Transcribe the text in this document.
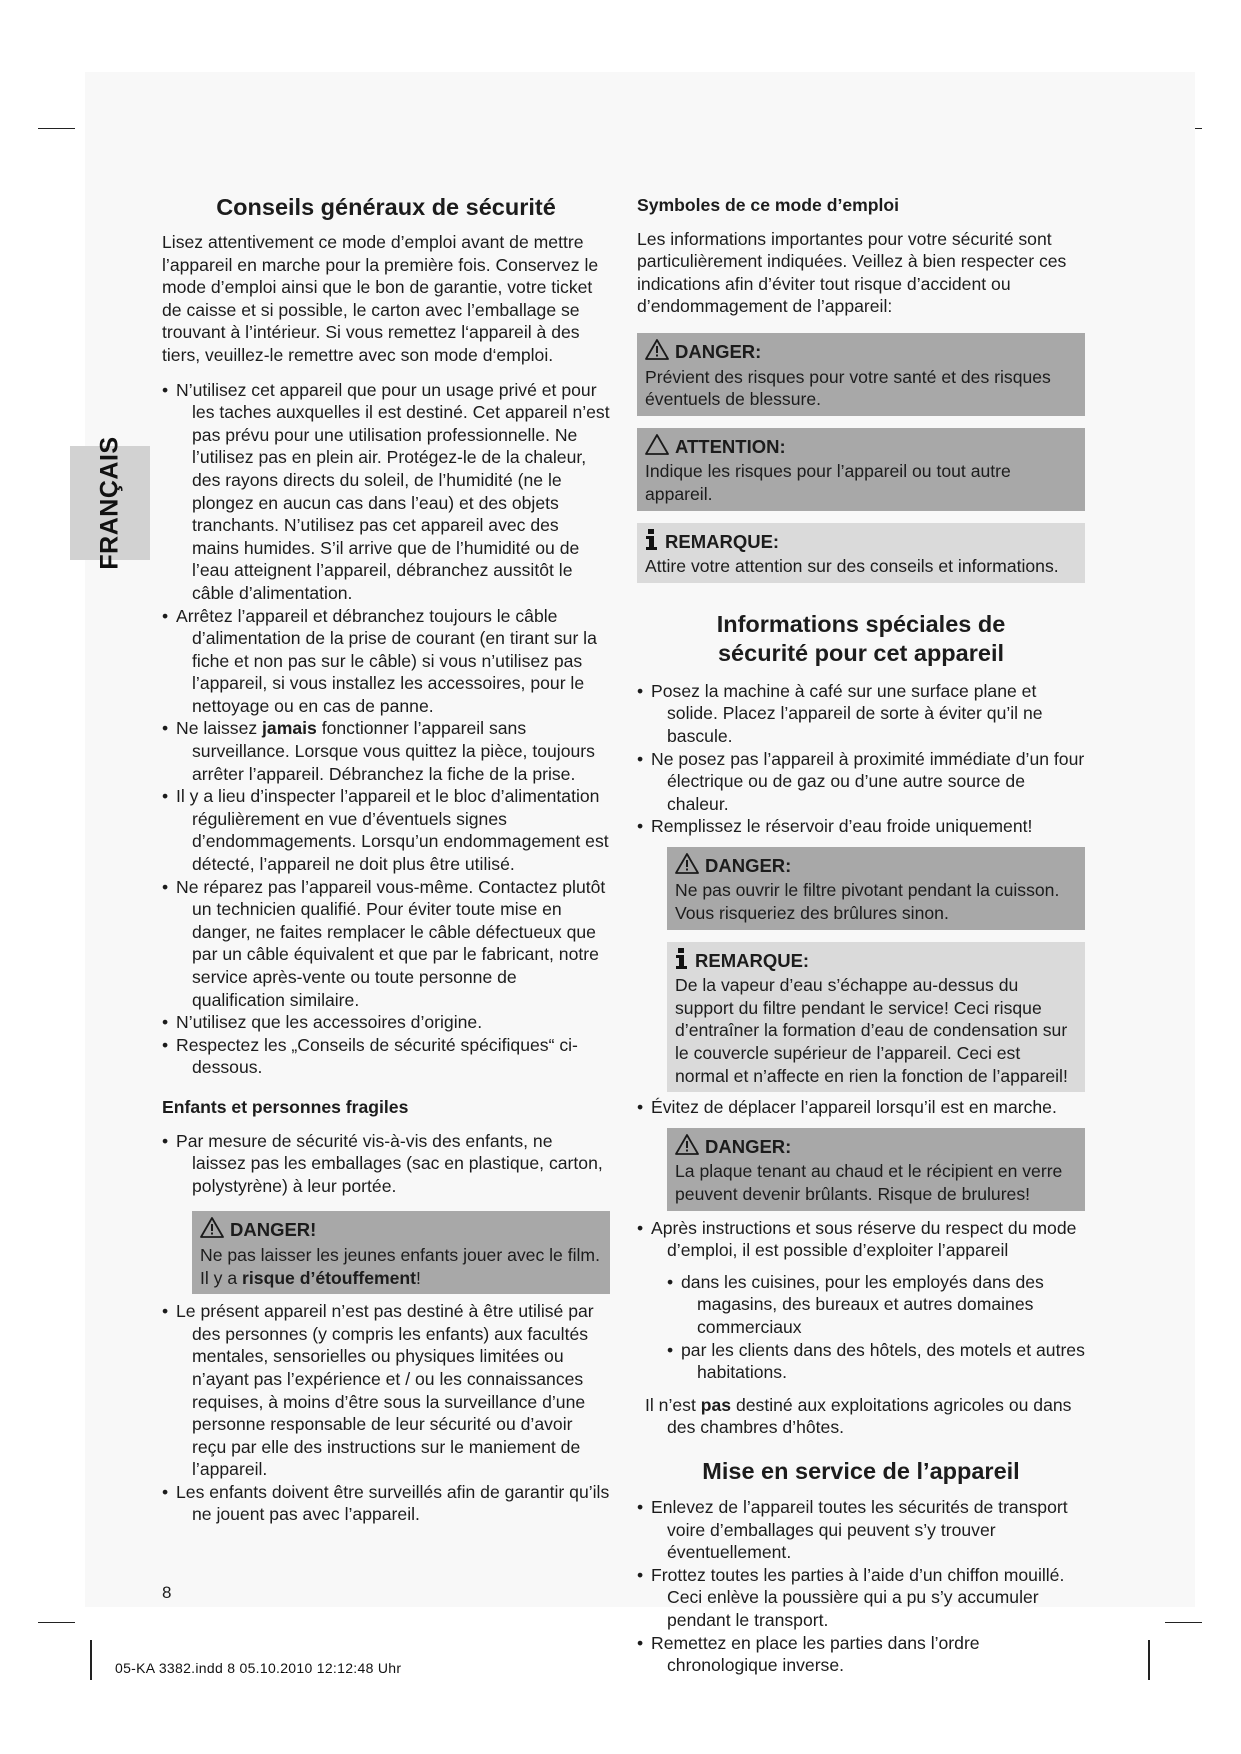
FRANÇAIS

Conseils généraux de sécurité

Lisez attentivement ce mode d’emploi avant de mettre l’appareil en marche pour la première fois. Conservez le mode d’emploi ainsi que le bon de garantie, votre ticket de caisse et si possible, le carton avec l’emballage se trouvant à l’intérieur. Si vous remettez l‘appareil à des tiers, veuillez-le remettre avec son mode d‘emploi.

• N’utilisez cet appareil que pour un usage privé et pour les taches auxquelles il est destiné. Cet appareil n’est pas prévu pour une utilisation professionnelle. Ne l’utilisez pas en plein air. Protégez-le de la chaleur, des rayons directs du soleil, de l’humidité (ne le plongez en aucun cas dans l’eau) et des objets tranchants. N’utilisez pas cet appareil avec des mains humides. S’il arrive que de l’humidité ou de l’eau atteignent l’appareil, débranchez aussitôt le câble d’alimentation.
• Arrêtez l’appareil et débranchez toujours le câble d’alimentation de la prise de courant (en tirant sur la fiche et non pas sur le câble) si vous n’utilisez pas l’appareil, si vous installez les accessoires, pour le nettoyage ou en cas de panne.
• Ne laissez jamais fonctionner l’appareil sans surveillance. Lorsque vous quittez la pièce, toujours arrêter l’appareil. Débranchez la fiche de la prise.
• Il y a lieu d’inspecter l’appareil et le bloc d’alimentation régulièrement en vue d’éventuels signes d’endommagements. Lorsqu’un endommagement est détecté, l’appareil ne doit plus être utilisé.
• Ne réparez pas l’appareil vous-même. Contactez plutôt un technicien qualifié. Pour éviter toute mise en danger, ne faites remplacer le câble défectueux que par un câble équivalent et que par le fabricant, notre service après-vente ou toute personne de qualification similaire.
• N’utilisez que les accessoires d’origine.
• Respectez les „Conseils de sécurité spécifiques“ ci-dessous.

Enfants et personnes fragiles

• Par mesure de sécurité vis-à-vis des enfants, ne laissez pas les emballages (sac en plastique, carton, polystyrène) à leur portée.
DANGER!

Ne pas laisser les jeunes enfants jouer avec le film. Il y a risque d’étouffement!

• Le présent appareil n’est pas destiné à être utilisé par des personnes (y compris les enfants) aux facultés mentales, sensorielles ou physiques limitées ou n’ayant pas l’expérience et / ou les connaissances requises, à moins d’être sous la surveillance d’une personne responsable de leur sécurité ou d’avoir reçu par elle des instructions sur le maniement de l’appareil.
• Les enfants doivent être surveillés afin de garantir qu’ils ne jouent pas avec l’appareil.

Symboles de ce mode d’emploi

Les informations importantes pour votre sécurité sont particulièrement indiquées. Veillez à bien respecter ces indications afin d’éviter tout risque d’accident ou d’endommagement de l’appareil:

DANGER:

Prévient des risques pour votre santé et des risques éventuels de blessure.

ATTENTION:

Indique les risques pour l’appareil ou tout autre appareil.

REMARQUE:

Attire votre attention sur des conseils et informations.

Informations spéciales de sécurité pour cet appareil

• Posez la machine à café sur une surface plane et solide. Placez l’appareil de sorte à éviter qu’il ne bascule.
• Ne posez pas l’appareil à proximité immédiate d’un four électrique ou de gaz ou d’une autre source de chaleur.
• Remplissez le réservoir d’eau froide uniquement!
DANGER:

Ne pas ouvrir le filtre pivotant pendant la cuisson. Vous risqueriez des brûlures sinon.

REMARQUE:

De la vapeur d’eau s’échappe au-dessus du support du filtre pendant le service! Ceci risque d’entraîner la formation d’eau de condensation sur le couvercle supérieur de l’appareil. Ceci est normal et n’affecte en rien la fonction de l’appareil!

• Évitez de déplacer l’appareil lorsqu’il est en marche.
DANGER:

La plaque tenant au chaud et le récipient en verre peuvent devenir brûlants. Risque de brulures!

• Après instructions et sous réserve du respect du mode d’emploi, il est possible d’exploiter l’appareil
• dans les cuisines, pour les employés dans des magasins, des bureaux et autres domaines commerciaux
• par les clients dans des hôtels, des motels et autres habitations.

Il n’est pas destiné aux exploitations agricoles ou dans des chambres d’hôtes.

Mise en service de l’appareil

• Enlevez de l’appareil toutes les sécurités de transport voire d’emballages qui peuvent s’y trouver éventuellement.
• Frottez toutes les parties à l’aide d’un chiffon mouillé. Ceci enlève la poussière qui a pu s’y accumuler pendant le transport.
• Remettez en place les parties dans l’ordre chronologique inverse.
8
05-KA 3382.indd 8 05.10.2010 12:12:48 Uhr
